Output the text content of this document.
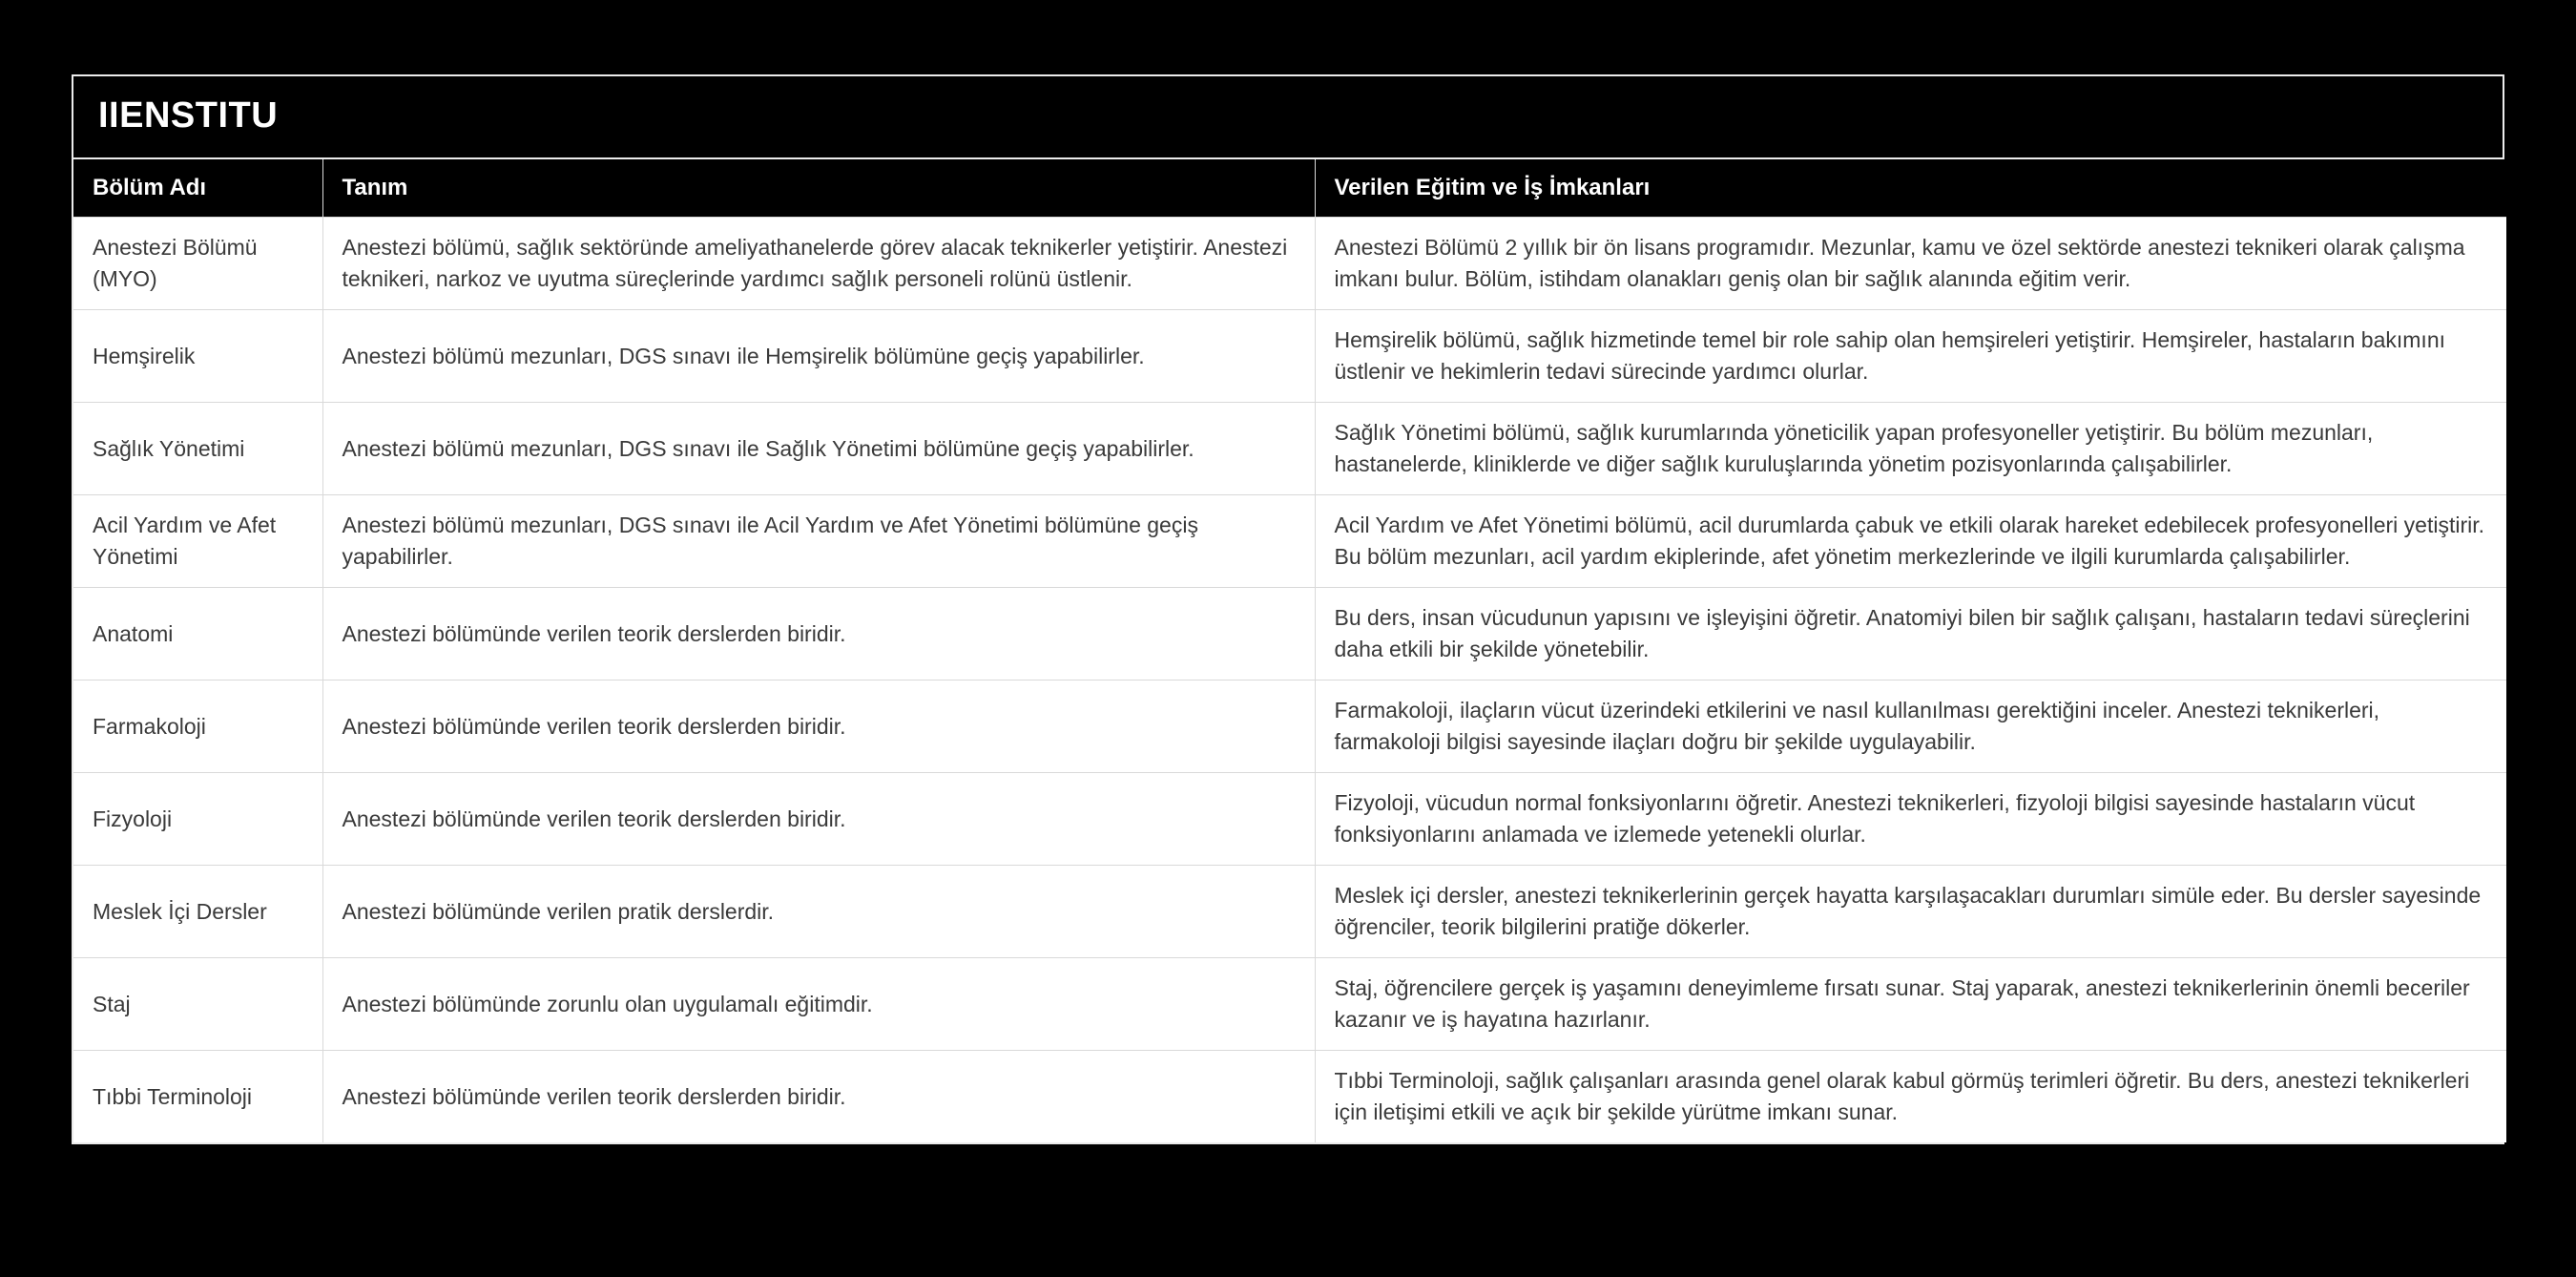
IIENSTITU
Bölüm Adı	Tanım	Verilen Eğitim ve İş İmkanları
Anestezi Bölümü (MYO)	Anestezi bölümü, sağlık sektöründe ameliyathanelerde görev alacak teknikerler yetiştirir. Anestezi teknikeri, narkoz ve uyutma süreçlerinde yardımcı sağlık personeli rolünü üstlenir.	Anestezi Bölümü 2 yıllık bir ön lisans programıdır. Mezunlar, kamu ve özel sektörde anestezi teknikeri olarak çalışma imkanı bulur. Bölüm, istihdam olanakları geniş olan bir sağlık alanında eğitim verir.
Hemşirelik	Anestezi bölümü mezunları, DGS sınavı ile Hemşirelik bölümüne geçiş yapabilirler.	Hemşirelik bölümü, sağlık hizmetinde temel bir role sahip olan hemşireleri yetiştirir. Hemşireler, hastaların bakımını üstlenir ve hekimlerin tedavi sürecinde yardımcı olurlar.
Sağlık Yönetimi	Anestezi bölümü mezunları, DGS sınavı ile Sağlık Yönetimi bölümüne geçiş yapabilirler.	Sağlık Yönetimi bölümü, sağlık kurumlarında yöneticilik yapan profesyoneller yetiştirir. Bu bölüm mezunları, hastanelerde, kliniklerde ve diğer sağlık kuruluşlarında yönetim pozisyonlarında çalışabilirler.
Acil Yardım ve Afet Yönetimi	Anestezi bölümü mezunları, DGS sınavı ile Acil Yardım ve Afet Yönetimi bölümüne geçiş yapabilirler.	Acil Yardım ve Afet Yönetimi bölümü, acil durumlarda çabuk ve etkili olarak hareket edebilecek profesyonelleri yetiştirir. Bu bölüm mezunları, acil yardım ekiplerinde, afet yönetim merkezlerinde ve ilgili kurumlarda çalışabilirler.
Anatomi	Anestezi bölümünde verilen teorik derslerden biridir.	Bu ders, insan vücudunun yapısını ve işleyişini öğretir. Anatomiyi bilen bir sağlık çalışanı, hastaların tedavi süreçlerini daha etkili bir şekilde yönetebilir.
Farmakoloji	Anestezi bölümünde verilen teorik derslerden biridir.	Farmakoloji, ilaçların vücut üzerindeki etkilerini ve nasıl kullanılması gerektiğini inceler. Anestezi teknikerleri, farmakoloji bilgisi sayesinde ilaçları doğru bir şekilde uygulayabilir.
Fizyoloji	Anestezi bölümünde verilen teorik derslerden biridir.	Fizyoloji, vücudun normal fonksiyonlarını öğretir. Anestezi teknikerleri, fizyoloji bilgisi sayesinde hastaların vücut fonksiyonlarını anlamada ve izlemede yetenekli olurlar.
Meslek İçi Dersler	Anestezi bölümünde verilen pratik derslerdir.	Meslek içi dersler, anestezi teknikerlerinin gerçek hayatta karşılaşacakları durumları simüle eder. Bu dersler sayesinde öğrenciler, teorik bilgilerini pratiğe dökerler.
Staj	Anestezi bölümünde zorunlu olan uygulamalı eğitimdir.	Staj, öğrencilere gerçek iş yaşamını deneyimleme fırsatı sunar. Staj yaparak, anestezi teknikerlerinin önemli beceriler kazanır ve iş hayatına hazırlanır.
Tıbbi Terminoloji	Anestezi bölümünde verilen teorik derslerden biridir.	Tıbbi Terminoloji, sağlık çalışanları arasında genel olarak kabul görmüş terimleri öğretir. Bu ders, anestezi teknikerleri için iletişimi etkili ve açık bir şekilde yürütme imkanı sunar.
